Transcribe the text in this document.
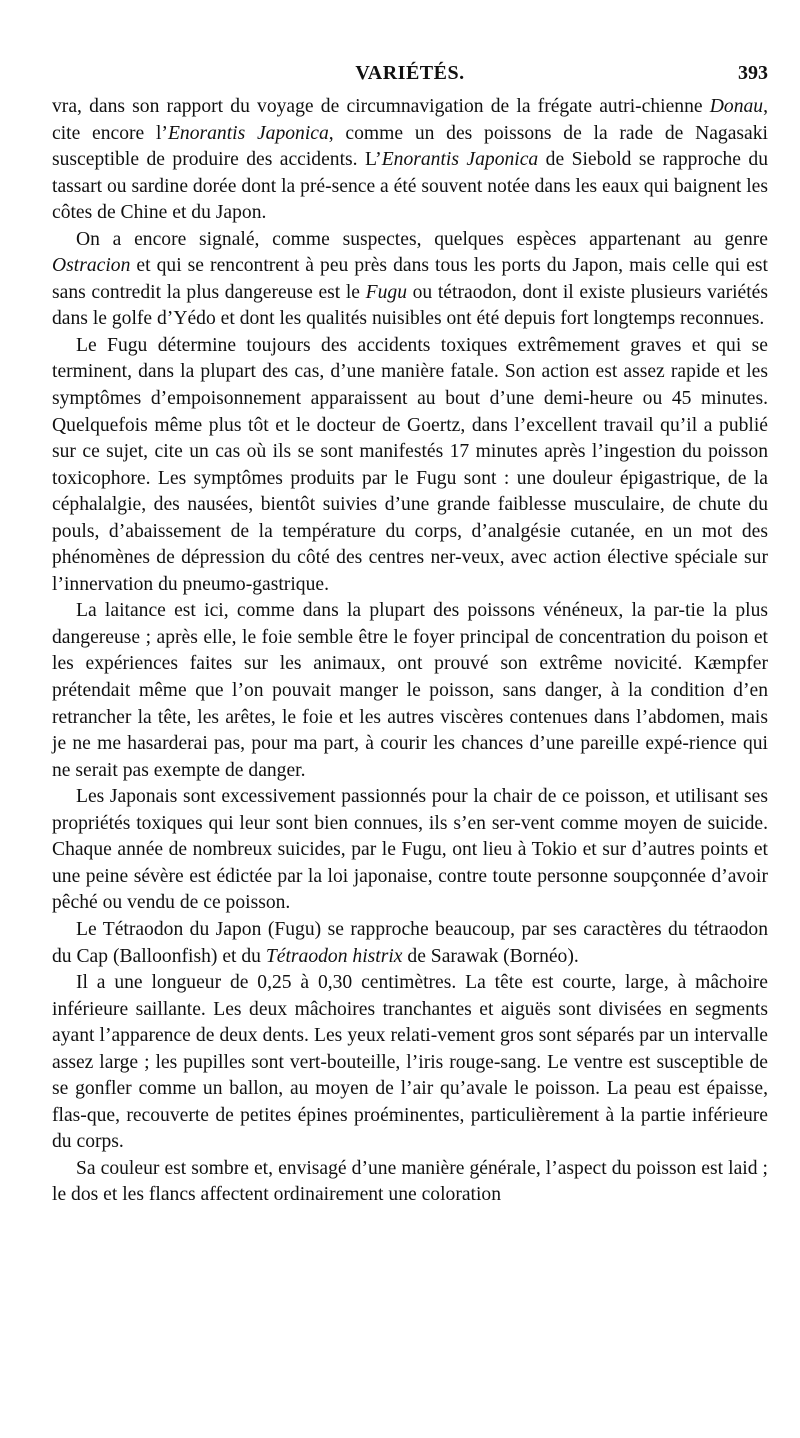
VARIÉTÉS.	393

vra, dans son rapport du voyage de circumnavigation de la frégate autri-chienne Donau, cite encore l’Enorantis Japonica, comme un des poissons de la rade de Nagasaki susceptible de produire des accidents. L’Enorantis Japonica de Siebold se rapproche du tassart ou sardine dorée dont la pré-sence a été souvent notée dans les eaux qui baignent les côtes de Chine et du Japon.

On a encore signalé, comme suspectes, quelques espèces appartenant au genre Ostracion et qui se rencontrent à peu près dans tous les ports du Japon, mais celle qui est sans contredit la plus dangereuse est le Fugu ou tétraodon, dont il existe plusieurs variétés dans le golfe d’Yédo et dont les qualités nuisibles ont été depuis fort longtemps reconnues.

Le Fugu détermine toujours des accidents toxiques extrêmement graves et qui se terminent, dans la plupart des cas, d’une manière fatale. Son action est assez rapide et les symptômes d’empoisonnement apparaissent au bout d’une demi-heure ou 45 minutes. Quelquefois même plus tôt et le docteur de Goertz, dans l’excellent travail qu’il a publié sur ce sujet, cite un cas où ils se sont manifestés 17 minutes après l’ingestion du poisson toxicophore. Les symptômes produits par le Fugu sont : une douleur épigastrique, de la céphalalgie, des nausées, bientôt suivies d’une grande faiblesse musculaire, de chute du pouls, d’abaissement de la température du corps, d’analgésie cutanée, en un mot des phénomènes de dépression du côté des centres ner-veux, avec action élective spéciale sur l’innervation du pneumo-gastrique.

La laitance est ici, comme dans la plupart des poissons vénéneux, la par-tie la plus dangereuse ; après elle, le foie semble être le foyer principal de concentration du poison et les expériences faites sur les animaux, ont prouvé son extrême novicité. Kæmpfer prétendait même que l’on pouvait manger le poisson, sans danger, à la condition d’en retrancher la tête, les arêtes, le foie et les autres viscères contenues dans l’abdomen, mais je ne me hasarderai pas, pour ma part, à courir les chances d’une pareille expé-rience qui ne serait pas exempte de danger.

Les Japonais sont excessivement passionnés pour la chair de ce poisson, et utilisant ses propriétés toxiques qui leur sont bien connues, ils s’en ser-vent comme moyen de suicide. Chaque année de nombreux suicides, par le Fugu, ont lieu à Tokio et sur d’autres points et une peine sévère est édictée par la loi japonaise, contre toute personne soupçonnée d’avoir pêché ou vendu de ce poisson.

Le Tétraodon du Japon (Fugu) se rapproche beaucoup, par ses caractères du tétraodon du Cap (Balloonfish) et du Tétraodon histrix de Sarawak (Bornéo).

Il a une longueur de 0,25 à 0,30 centimètres. La tête est courte, large, à mâchoire inférieure saillante. Les deux mâchoires tranchantes et aiguës sont divisées en segments ayant l’apparence de deux dents. Les yeux relati-vement gros sont séparés par un intervalle assez large ; les pupilles sont vert-bouteille, l’iris rouge-sang. Le ventre est susceptible de se gonfler comme un ballon, au moyen de l’air qu’avale le poisson. La peau est épaisse, flas-que, recouverte de petites épines proéminentes, particulièrement à la partie inférieure du corps.

Sa couleur est sombre et, envisagé d’une manière générale, l’aspect du poisson est laid ; le dos et les flancs affectent ordinairement une coloration
